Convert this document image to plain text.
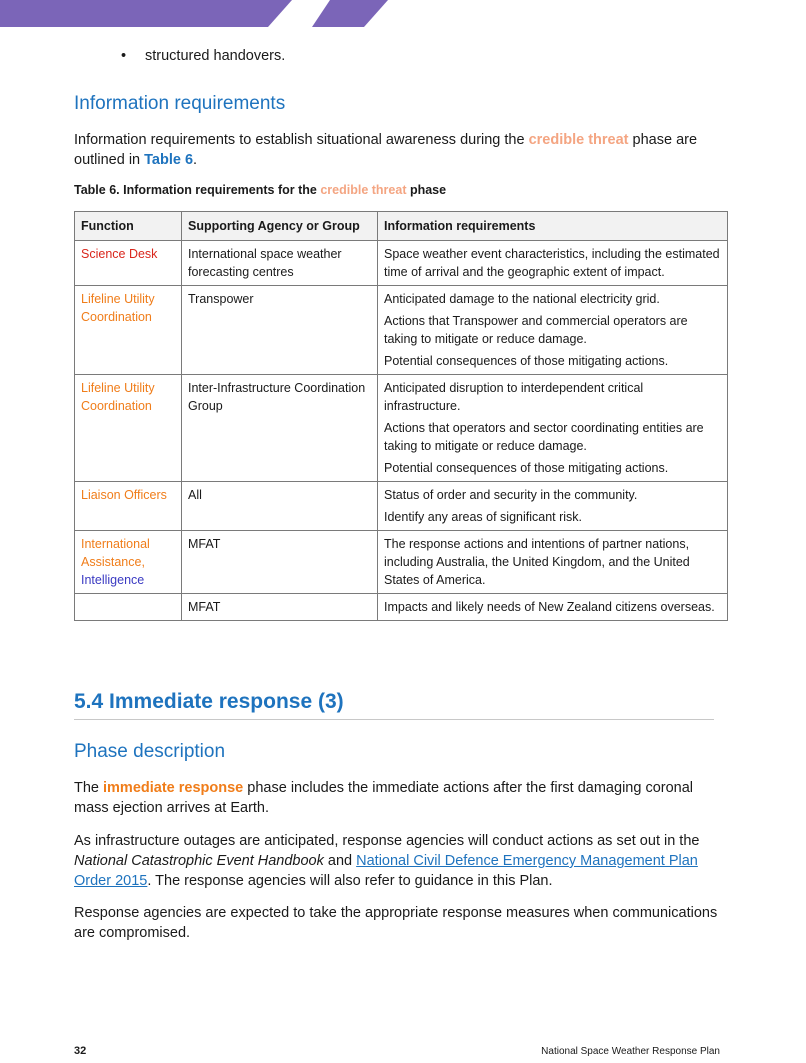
• structured handovers.
Information requirements

Information requirements to establish situational awareness during the credible threat phase are outlined in Table 6.

Table 6. Information requirements for the credible threat phase
Function	Supporting Agency or Group	Information requirements
Science Desk	International space weather forecasting centres	Space weather event characteristics, including the estimated time of arrival and the geographic extent of impact.

Lifeline Utility Coordination	Transpower	Anticipated damage to the national electricity grid.

Actions that Transpower and commercial operators are taking to mitigate or reduce damage.

Potential consequences of those mitigating actions.

Lifeline Utility Coordination	Inter-Infrastructure Coordination Group	Anticipated disruption to interdependent critical infrastructure.

Actions that operators and sector coordinating entities are taking to mitigate or reduce damage.

Potential consequences of those mitigating actions.

Liaison Officers	All	Status of order and security in the community.

Identify any areas of significant risk.

International Assistance,
Intelligence	MFAT	The response actions and intentions of partner nations, including Australia, the United Kingdom, and the United States of America.

	MFAT	Impacts and likely needs of New Zealand citizens overseas.

5.4 Immediate response (3)
Phase description

The immediate response phase includes the immediate actions after the first damaging coronal mass ejection arrives at Earth.

As infrastructure outages are anticipated, response agencies will conduct actions as set out in the National Catastrophic Event Handbook and National Civil Defence Emergency Management Plan Order 2015. The response agencies will also refer to guidance in this Plan.

Response agencies are expected to take the appropriate response measures when communications are compromised.

32	National Space Weather Response Plan
